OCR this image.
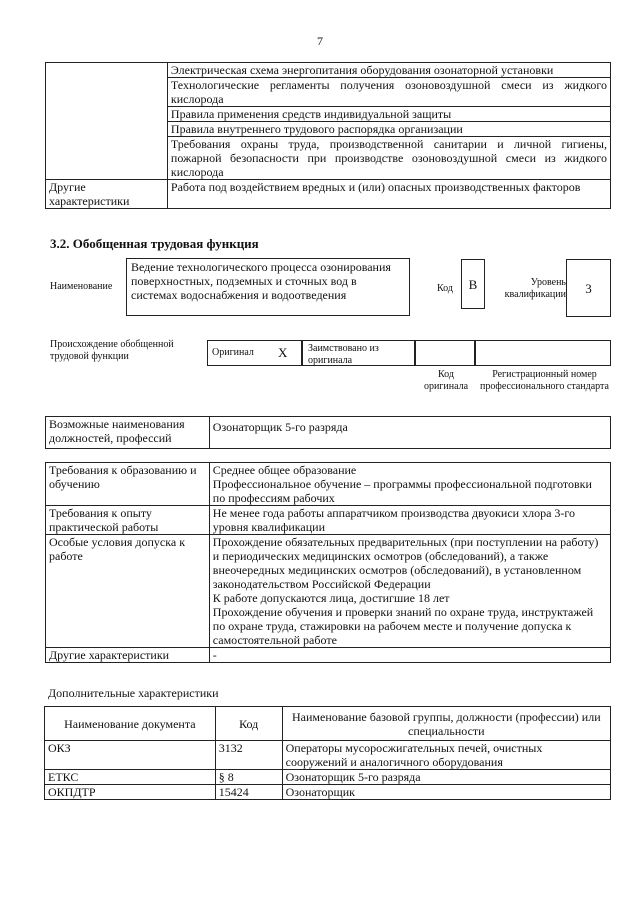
7
	Электрическая схема энергопитания оборудования озонаторной установки
	Технологические регламенты получения озоновоздушной смеси из жидкого кислорода
	Правила применения средств индивидуальной защиты
	Правила внутреннего трудового распорядка организации
	Требования охраны труда, производственной санитарии и личной гигиены, пожарной безопасности при производстве озоновоздушной смеси из жидкого кислорода
Другие характеристики	Работа под воздействием вредных и (или) опасных производственных факторов
3.2. Обобщенная трудовая функция
Наименование
Ведение технологического процесса озонирования поверхностных, подземных и сточных вод в системах водоснабжения и водоотведения	Код	B	Уровень квалификации	3
Происхождение обобщенной трудовой функции	Оригинал X	Заимствовано из оригинала
Код оригинала
Регистрационный номер профессионального стандарта
Возможные наименования должностей, профессий	Озонаторщик 5-го разряда
Требования к образованию и обучению	Среднее общее образование
Профессиональное обучение – программы профессиональной подготовки по профессиям рабочих
Требования к опыту практической работы	Не менее года работы аппаратчиком производства двуокиси хлора 3-го уровня квалификации
Особые условия допуска к работе	Прохождение обязательных предварительных (при поступлении на работу) и периодических медицинских осмотров (обследований), а также внеочередных медицинских осмотров (обследований), в установленном законодательством Российской Федерации
К работе допускаются лица, достигшие 18 лет
Прохождение обучения и проверки знаний по охране труда, инструктажей по охране труда, стажировки на рабочем месте и получение допуска к самостоятельной работе
Другие характеристики	-
Дополнительные характеристики
Наименование документа	Код	Наименование базовой группы, должности (профессии) или специальности
ОКЗ	3132	Операторы мусоросжигательных печей, очистных сооружений и аналогичного оборудования
ЕТКС	§ 8	Озонаторщик 5-го разряда
ОКПДТР	15424	Озонаторщик
